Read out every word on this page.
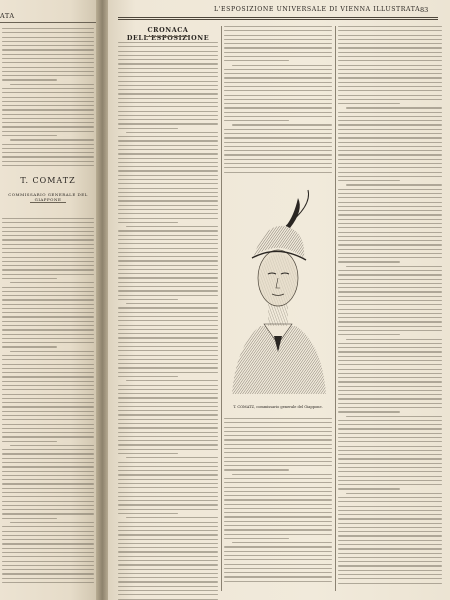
ATA
T. COMATZ
COMMISSARIO GENERALE DEL GIAPPONE
L'ESPOSIZIONE UNIVERSALE DI VIENNA ILLUSTRATA 83
CRONACA DELL'ESPOSIZIONE
T. COMATZ, commissario generale del Giappone.
